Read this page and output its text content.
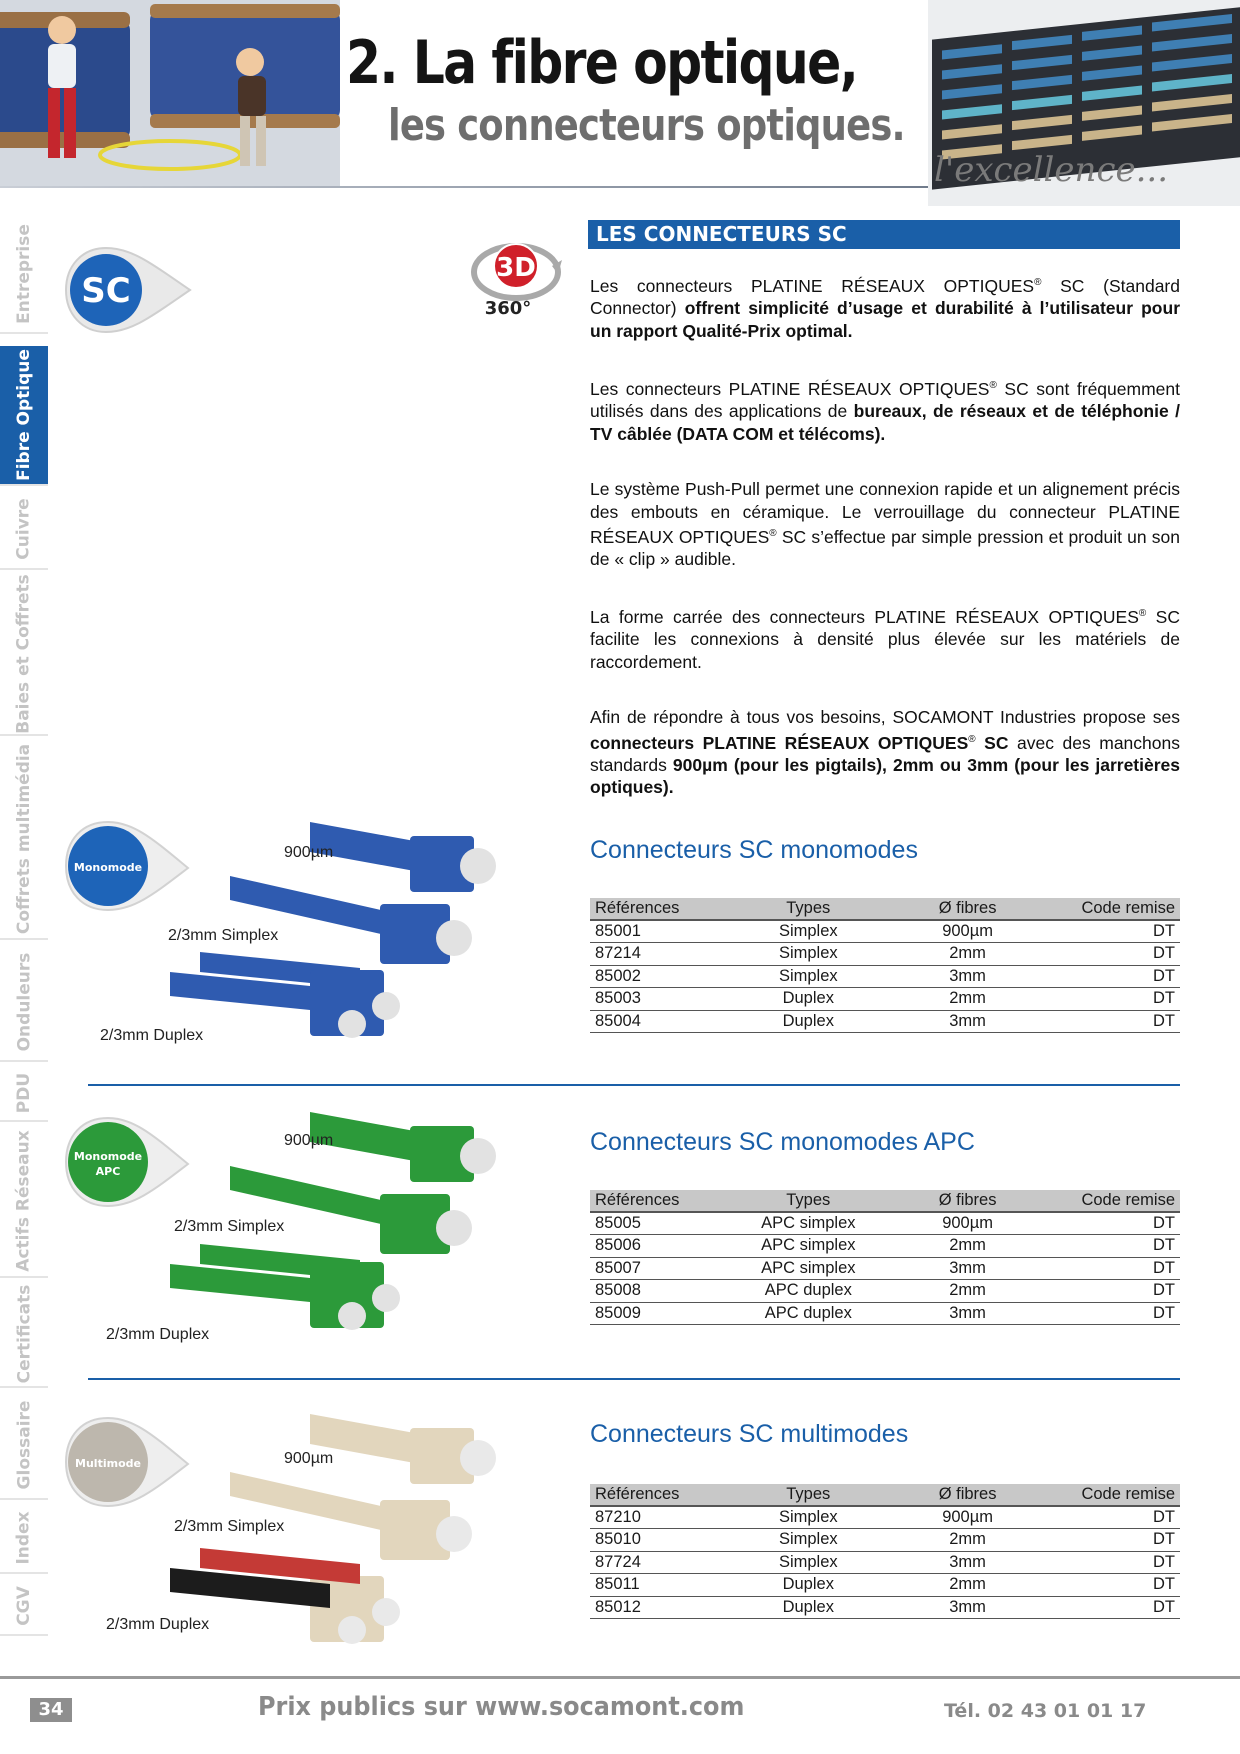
2. La fibre optique,
les connecteurs optiques.
l'excellence...
Entreprise
Fibre Optique
Cuivre
Baies et Coffrets
Coffrets multimédia
Onduleurs
PDU
Actifs Réseaux
Certificats
Glossaire
Index
CGV
SC
3D
360°
LES CONNECTEURS SC

Les connecteurs PLATINE RÉSEAUX OPTIQUES® SC (Standard Connector) offrent simplicité d’usage et durabilité à l’utilisateur pour un rapport Qualité-Prix optimal.

Les connecteurs PLATINE RÉSEAUX OPTIQUES® SC sont fréquemment utilisés dans des applications de bureaux, de réseaux et de téléphonie / TV câblée (DATA COM et télécoms).

Le système Push-Pull permet une connexion rapide et un alignement précis des embouts en céramique. Le verrouillage du connecteur PLATINE RÉSEAUX OPTIQUES® SC s’effectue par simple pression et produit un son de « clip » audible.

La forme carrée des connecteurs PLATINE RÉSEAUX OPTIQUES® SC facilite les connexions à densité plus élevée sur les matériels de raccordement.

Afin de répondre à tous vos besoins, SOCAMONT Industries propose ses connecteurs PLATINE RÉSEAUX OPTIQUES® SC avec des manchons standards 900µm (pour les pigtails), 2mm ou 3mm (pour les jarretières optiques).

Monomode
900µm
2/3mm Simplex
2/3mm Duplex
Connecteurs SC monomodes
Références	Types	Ø fibres	Code remise
85001	Simplex	900µm	DT
87214	Simplex	2mm	DT
85002	Simplex	3mm	DT
85003	Duplex	2mm	DT
85004	Duplex	3mm	DT
Monomode
APC
900µm
2/3mm Simplex
2/3mm Duplex
Connecteurs SC monomodes APC
Références	Types	Ø fibres	Code remise
85005	APC simplex	900µm	DT
85006	APC simplex	2mm	DT
85007	APC simplex	3mm	DT
85008	APC duplex	2mm	DT
85009	APC duplex	3mm	DT
Multimode	900µm
2/3mm Simplex
2/3mm Duplex
Connecteurs SC multimodes
Références	Types	Ø fibres	Code remise
87210	Simplex	900µm	DT
85010	Simplex	2mm	DT
87724	Simplex	3mm	DT
85011	Duplex	2mm	DT
85012	Duplex	3mm	DT
34	Prix publics sur www.socamont.com	Tél. 02 43 01 01 17
